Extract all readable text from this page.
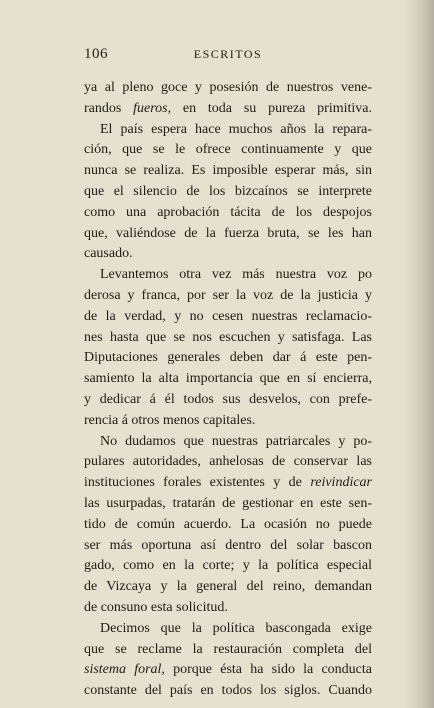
106	ESCRITOS
ya al pleno goce y posesión de nuestros vene-
randos fueros, en toda su pureza primitiva.
El país espera hace muchos años la repara-
ción, que se le ofrece continuamente y que
nunca se realiza. Es imposible esperar más, sin
que el silencio de los bizcaínos se interprete
como una aprobación tácita de los despojos
que, valiéndose de la fuerza bruta, se les han
causado.
Levantemos otra vez más nuestra voz po
derosa y franca, por ser la voz de la justicia y
de la verdad, y no cesen nuestras reclamacio-
nes hasta que se nos escuchen y satisfaga. Las
Diputaciones generales deben dar á este pen-
samiento la alta importancia que en sí encierra,
y dedicar á él todos sus desvelos, con prefe-
rencia á otros menos capitales.
No dudamos que nuestras patriarcales y po-
pulares autoridades, anhelosas de conservar las
instituciones forales existentes y de reivindicar
las usurpadas, tratarán de gestionar en este sen-
tido de común acuerdo. La ocasión no puede
ser más oportuna así dentro del solar bascon
gado, como en la corte; y la política especial
de Vizcaya y la general del reino, demandan
de consuno esta solicitud.
Decimos que la política bascongada exige
que se reclame la restauración completa del
sistema foral, porque ésta ha sido la conducta
constante del país en todos los siglos. Cuando
